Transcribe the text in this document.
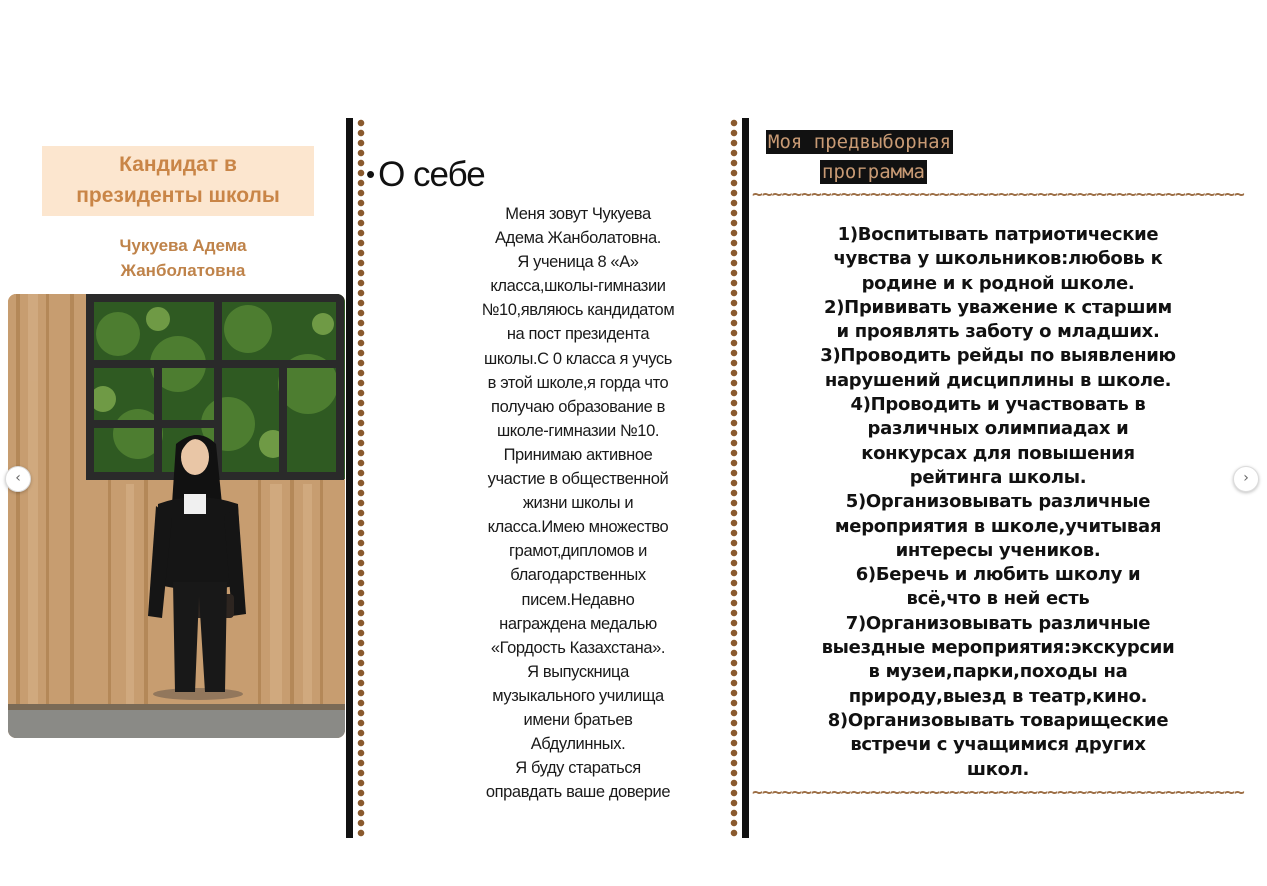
Кандидат в
президенты школы
Чукуева Адема
Жанболатовна
‹	›
• О себе
Меня зовут Чукуева
Адема Жанболатовна.
Я ученица 8 «А»
класса,школы-гимназии
№10,являюсь кандидатом
на пост президента
школы.С 0 класса я учусь
в этой школе,я горда что
получаю образование в
школе-гимназии №10.
Принимаю активное
участие в общественной
жизни школы и
класса.Имею множество
грамот,дипломов и
благодарственных
писем.Недавно
награждена медалью
«Гордость Казахстана».
Я выпускница
музыкального училища
имени братьев
Абдулинных.
Я буду стараться
оправдать ваше доверие
Моя предвыборная
программа
~~~~~~~~~~~~~~~~~~~~~~~~~~~~~~~~~~~~~~~~~~~~~~~~~~
1)Воспитывать патриотические
чувства у школьников:любовь к
родине и к родной школе.
2)Прививать уважение к старшим
и проявлять заботу о младших.
3)Проводить рейды по выявлению
нарушений дисциплины в школе.
4)Проводить и участвовать в
различных олимпиадах и
конкурсах для повышения
рейтинга школы.
5)Организовывать различные
мероприятия в школе,учитывая
интересы учеников.
6)Беречь и любить школу и
всё,что в ней есть
7)Организовывать различные
выездные мероприятия:экскурсии
в музеи,парки,походы на
природу,выезд в театр,кино.
8)Организовывать товарищеские
встречи с учащимися других
школ.
~~~~~~~~~~~~~~~~~~~~~~~~~~~~~~~~~~~~~~~~~~~~~~~~~~
